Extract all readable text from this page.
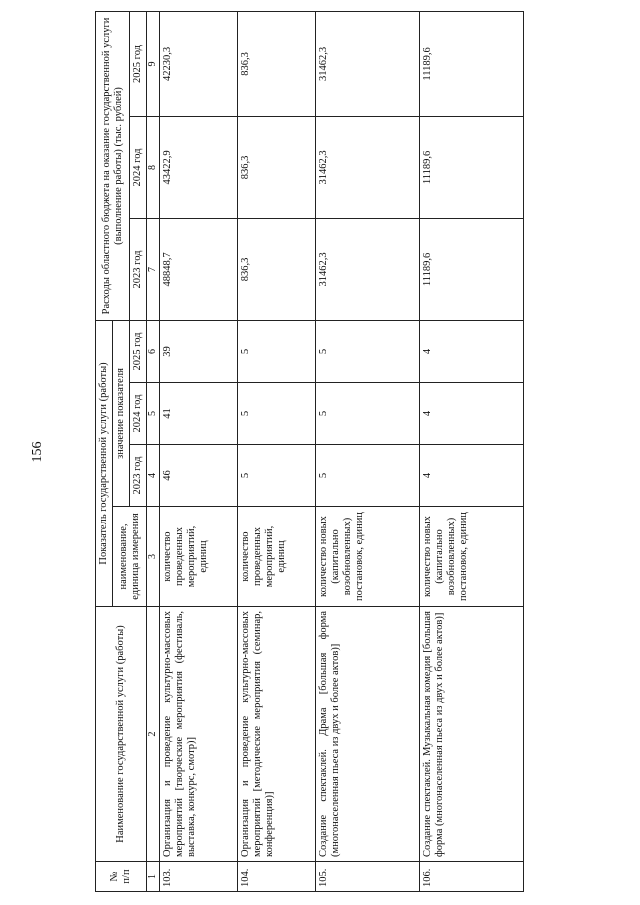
156
№ п/п	Наименование государственной услуги (работы)	Показатель государственной услуги (работы)				Расходы областного бюджета на оказание государственной услуги (выполнение работы) (тыс. рублей)		
		наименование, единица измерения	значение показателя					
			2023 год	2024 год	2025 год	2023 год	2024 год	2025 год
1	2	3	4	5	6	7	8	9
103.	Организация и проведение культурно-массовых мероприятий [творческие мероприятия (фестиваль, выставка, конкурс, смотр)]	количество проведенных мероприятий, единиц	46	41	39	48848,7	43422,9	42230,3
104.	Организация и проведение культурно-массовых мероприятий [методические мероприятия (семинар, конференция)]	количество проведенных мероприятий, единиц	5	5	5	836,3	836,3	836,3
105.	Создание спектаклей. Драма [большая форма (многонаселенная пьеса из двух и более актов)]	количество новых (капитально возобновленных) постановок, единиц	5	5	5	31462,3	31462,3	31462,3
106.	Создание спектаклей. Музыкальная комедия [большая форма (многонаселенная пьеса из двух и более актов)]	количество новых (капитально возобновленных) постановок, единиц	4	4	4	11189,6	11189,6	11189,6
